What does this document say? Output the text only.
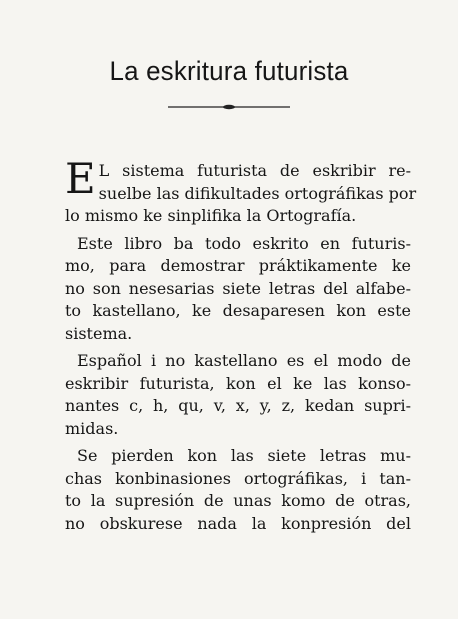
La eskritura futurista
E L sistema futurista de eskribir re-
suelbe las difikultades ortográfikas por
lo mismo ke sinplifika la Ortografía.
Este libro ba todo eskrito en futuris-
mo, para demostrar práktikamente ke
no son nesesarias siete letras del alfabe-
to kastellano, ke desaparesen kon este
sistema.
Español i no kastellano es el modo de
eskribir futurista, kon el ke las konso-
nantes c, h, qu, v, x, y, z, kedan supri-
midas.
Se pierden kon las siete letras mu-
chas konbinasiones ortográfikas, i tan-
to la supresión de unas komo de otras,
no obskurese nada la konpresión del
